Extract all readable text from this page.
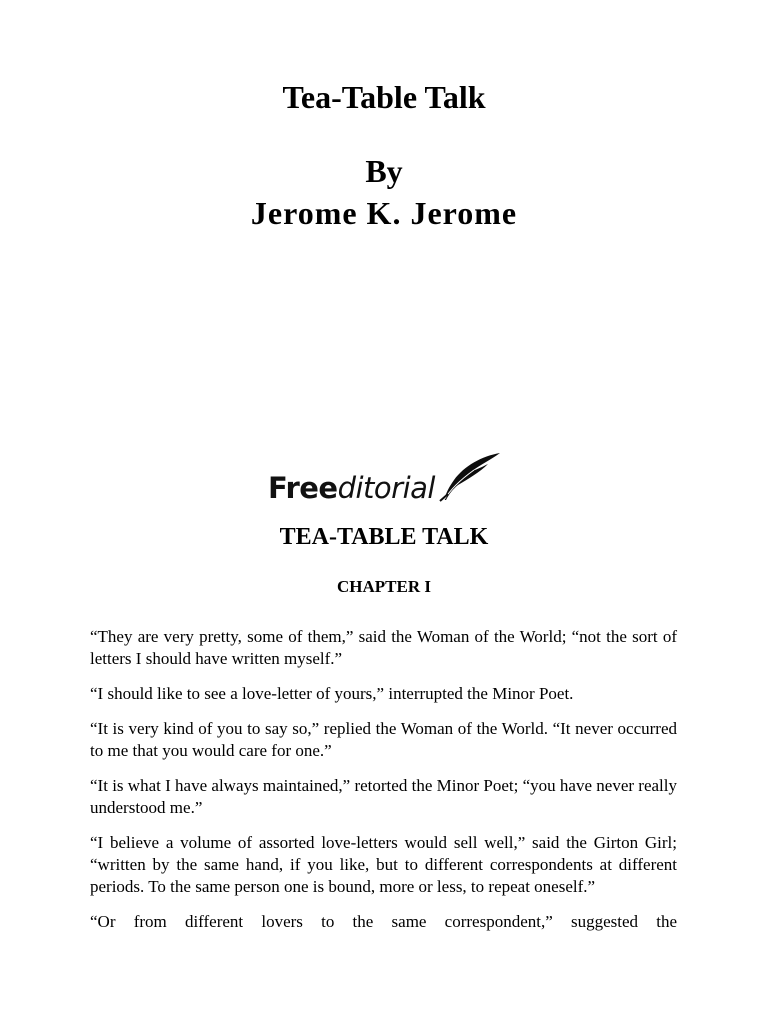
Tea-Table Talk
By
Jerome K. Jerome
Freeditorial
TEA-TABLE TALK
CHAPTER I

“They are very pretty, some of them,” said the Woman of the World; “not the sort of letters I should have written myself.”

“I should like to see a love-letter of yours,” interrupted the Minor Poet.

“It is very kind of you to say so,” replied the Woman of the World. “It never occurred to me that you would care for one.”

“It is what I have always maintained,” retorted the Minor Poet; “you have never really understood me.”

“I believe a volume of assorted love-letters would sell well,” said the Girton Girl; “written by the same hand, if you like, but to different correspondents at different periods. To the same person one is bound, more or less, to repeat oneself.”

“Or from different lovers to the same correspondent,” suggested the
